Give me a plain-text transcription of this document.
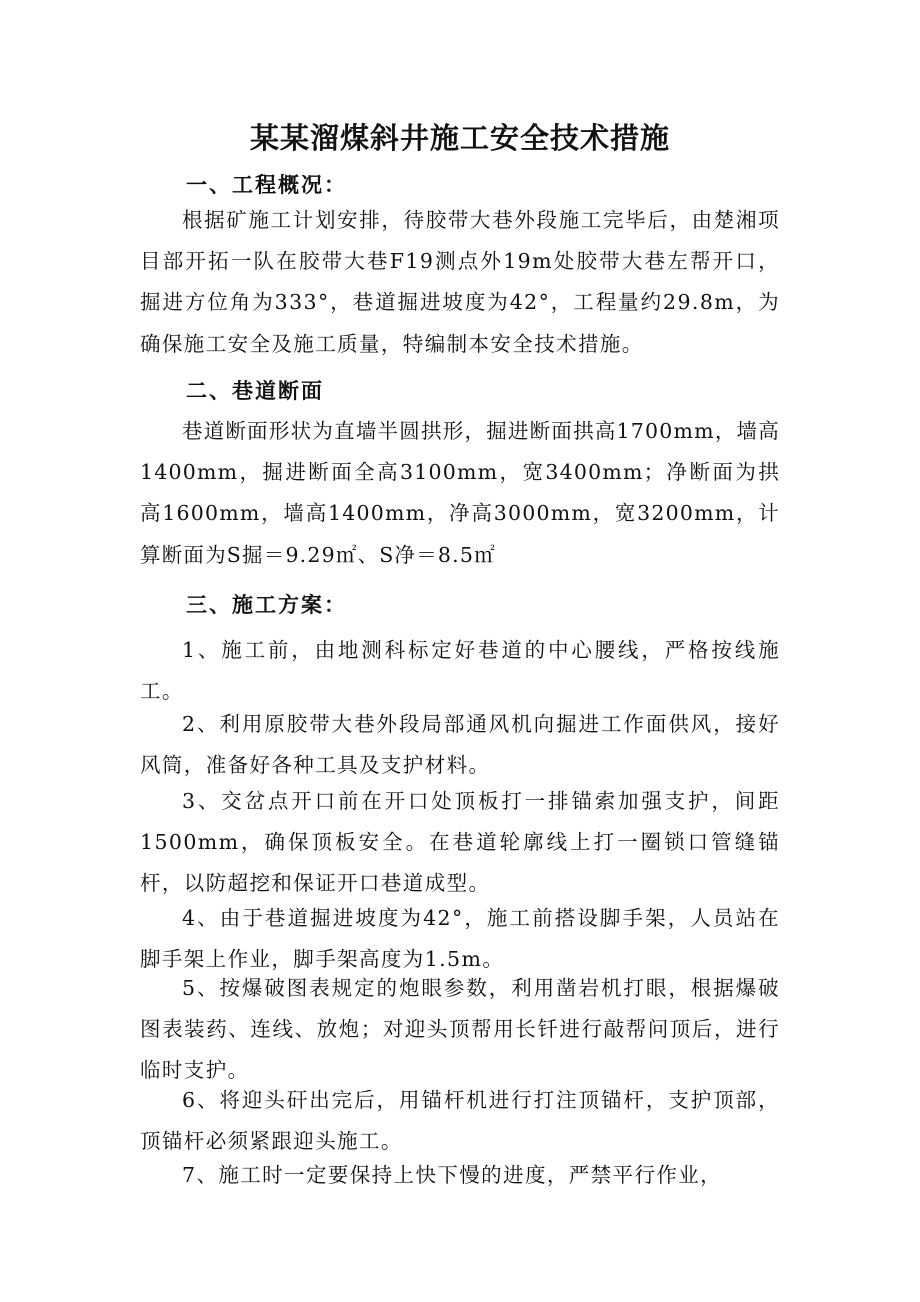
某某溜煤斜井施工安全技术措施
一、工程概况：

根据矿施工计划安排，待胶带大巷外段施工完毕后，由楚湘项目部开拓一队在胶带大巷F19测点外19m处胶带大巷左帮开口，掘进方位角为333°，巷道掘进坡度为42°，工程量约29.8m，为确保施工安全及施工质量，特编制本安全技术措施。

二、巷道断面

巷道断面形状为直墙半圆拱形，掘进断面拱高1700mm，墙高1400mm，掘进断面全高3100mm，宽3400mm；净断面为拱高1600mm，墙高1400mm，净高3000mm，宽3200mm，计算断面为S掘＝9.29㎡、S净＝8.5㎡

三、施工方案：

1、施工前，由地测科标定好巷道的中心腰线，严格按线施工。

2、利用原胶带大巷外段局部通风机向掘进工作面供风，接好风筒，准备好各种工具及支护材料。

3、交岔点开口前在开口处顶板打一排锚索加强支护，间距1500mm，确保顶板安全。在巷道轮廓线上打一圈锁口管缝锚杆，以防超挖和保证开口巷道成型。

4、由于巷道掘进坡度为42°，施工前搭设脚手架，人员站在脚手架上作业，脚手架高度为1.5m。

5、按爆破图表规定的炮眼参数，利用凿岩机打眼，根据爆破图表装药、连线、放炮；对迎头顶帮用长钎进行敲帮问顶后，进行临时支护。

6、将迎头矸出完后，用锚杆机进行打注顶锚杆，支护顶部，顶锚杆必须紧跟迎头施工。

7、施工时一定要保持上快下慢的进度，严禁平行作业，
